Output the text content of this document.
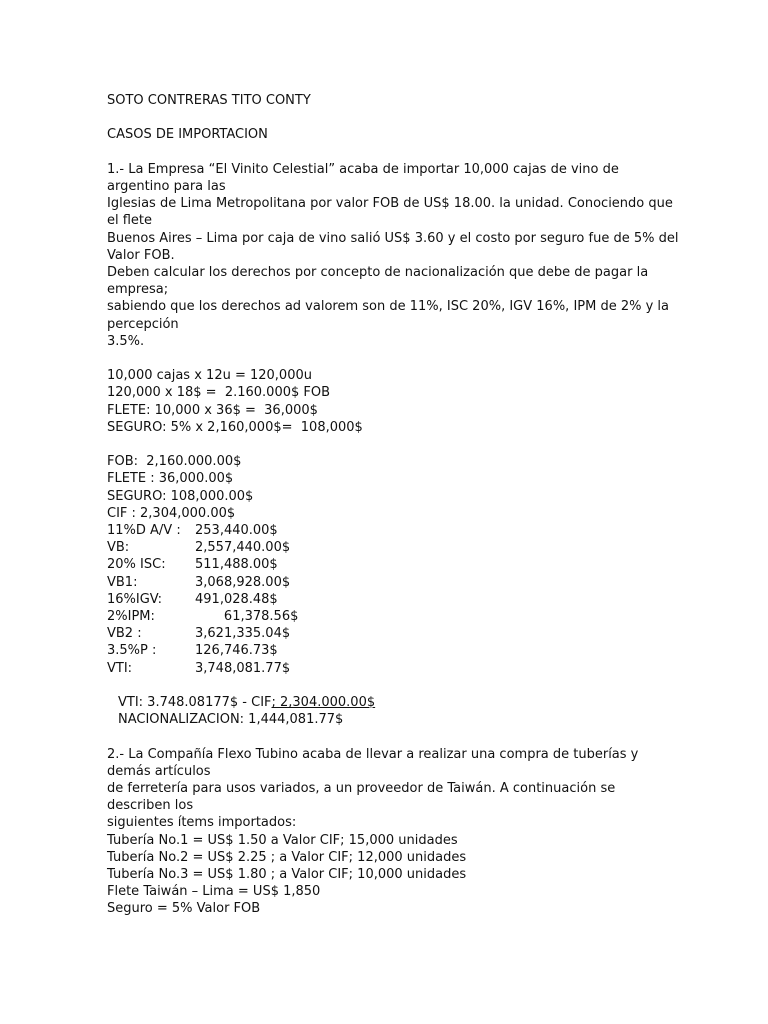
SOTO CONTRERAS TITO CONTY
CASOS DE IMPORTACION
1.- La Empresa “El Vinito Celestial” acaba de importar 10,000 cajas de vino de
argentino para las
Iglesias de Lima Metropolitana por valor FOB de US$ 18.00. la unidad. Conociendo que
el flete
Buenos Aires – Lima por caja de vino salió US$ 3.60 y el costo por seguro fue de 5% del
Valor FOB.
Deben calcular los derechos por concepto de nacionalización que debe de pagar la
empresa;
sabiendo que los derechos ad valorem son de 11%, ISC 20%, IGV 16%, IPM de 2% y la
percepción
3.5%.
10,000 cajas x 12u = 120,000u
120,000 x 18$ =  2.160.000$ FOB
FLETE: 10,000 x 36$ =  36,000$
SEGURO: 5% x 2,160,000$=  108,000$
FOB:  2,160.000.00$
FLETE : 36,000.00$
SEGURO: 108,000.00$
CIF : 2,304,000.00$
11%D A/V :	253,440.00$
VB:	2,557,440.00$
20% ISC:	511,488.00$
VB1:	3,068,928.00$
16%IGV:	491,028.48$
2%IPM:	61,378.56$
VB2 :	3,621,335.04$
3.5%P :	126,746.73$
VTI:	3,748,081.77$
VTI: 3.748.08177$ - CIF; 2,304.000.00$
NACIONALIZACION: 1,444,081.77$
2.- La Compañía Flexo Tubino acaba de llevar a realizar una compra de tuberías y
demás artículos
de ferretería para usos variados, a un proveedor de Taiwán. A continuación se
describen los
siguientes ítems importados:
Tubería No.1 = US$ 1.50 a Valor CIF; 15,000 unidades
Tubería No.2 = US$ 2.25 ; a Valor CIF; 12,000 unidades
Tubería No.3 = US$ 1.80 ; a Valor CIF; 10,000 unidades
Flete Taiwán – Lima = US$ 1,850
Seguro = 5% Valor FOB
